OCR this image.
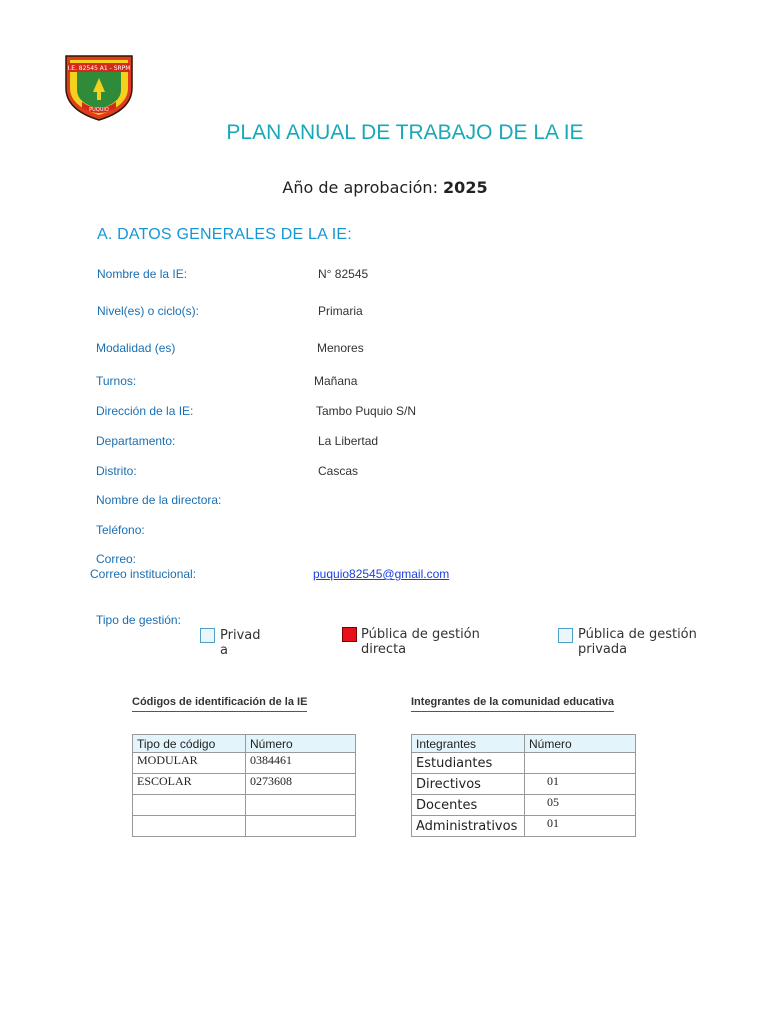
I.E. 82545 A1 - SRPM
PUQUIO
PLAN ANUAL DE TRABAJO DE LA IE
Año de aprobación: 2025
A. DATOS GENERALES DE LA IE:
Nombre de la IE:	N° 82545
Nivel(es) o ciclo(s):	Primaria
Modalidad (es)	Menores
Turnos:	Mañana
Dirección de la IE:	Tambo Puquio S/N
Departamento:	La Libertad
Distrito:	Cascas
Nombre de la directora:
Teléfono:
Correo:
Correo institucional:	puquio82545@gmail.com
Tipo de gestión:
Privad
a
Pública de gestión
directa
Pública de gestión
privada
Códigos de identificación de la IE
Tipo de código	Número
MODULAR	0384461
ESCOLAR	0273608

Integrantes de la comunidad educativa
Integrantes	Número
Estudiantes	
Directivos	01
Docentes	05
Administrativos	01
